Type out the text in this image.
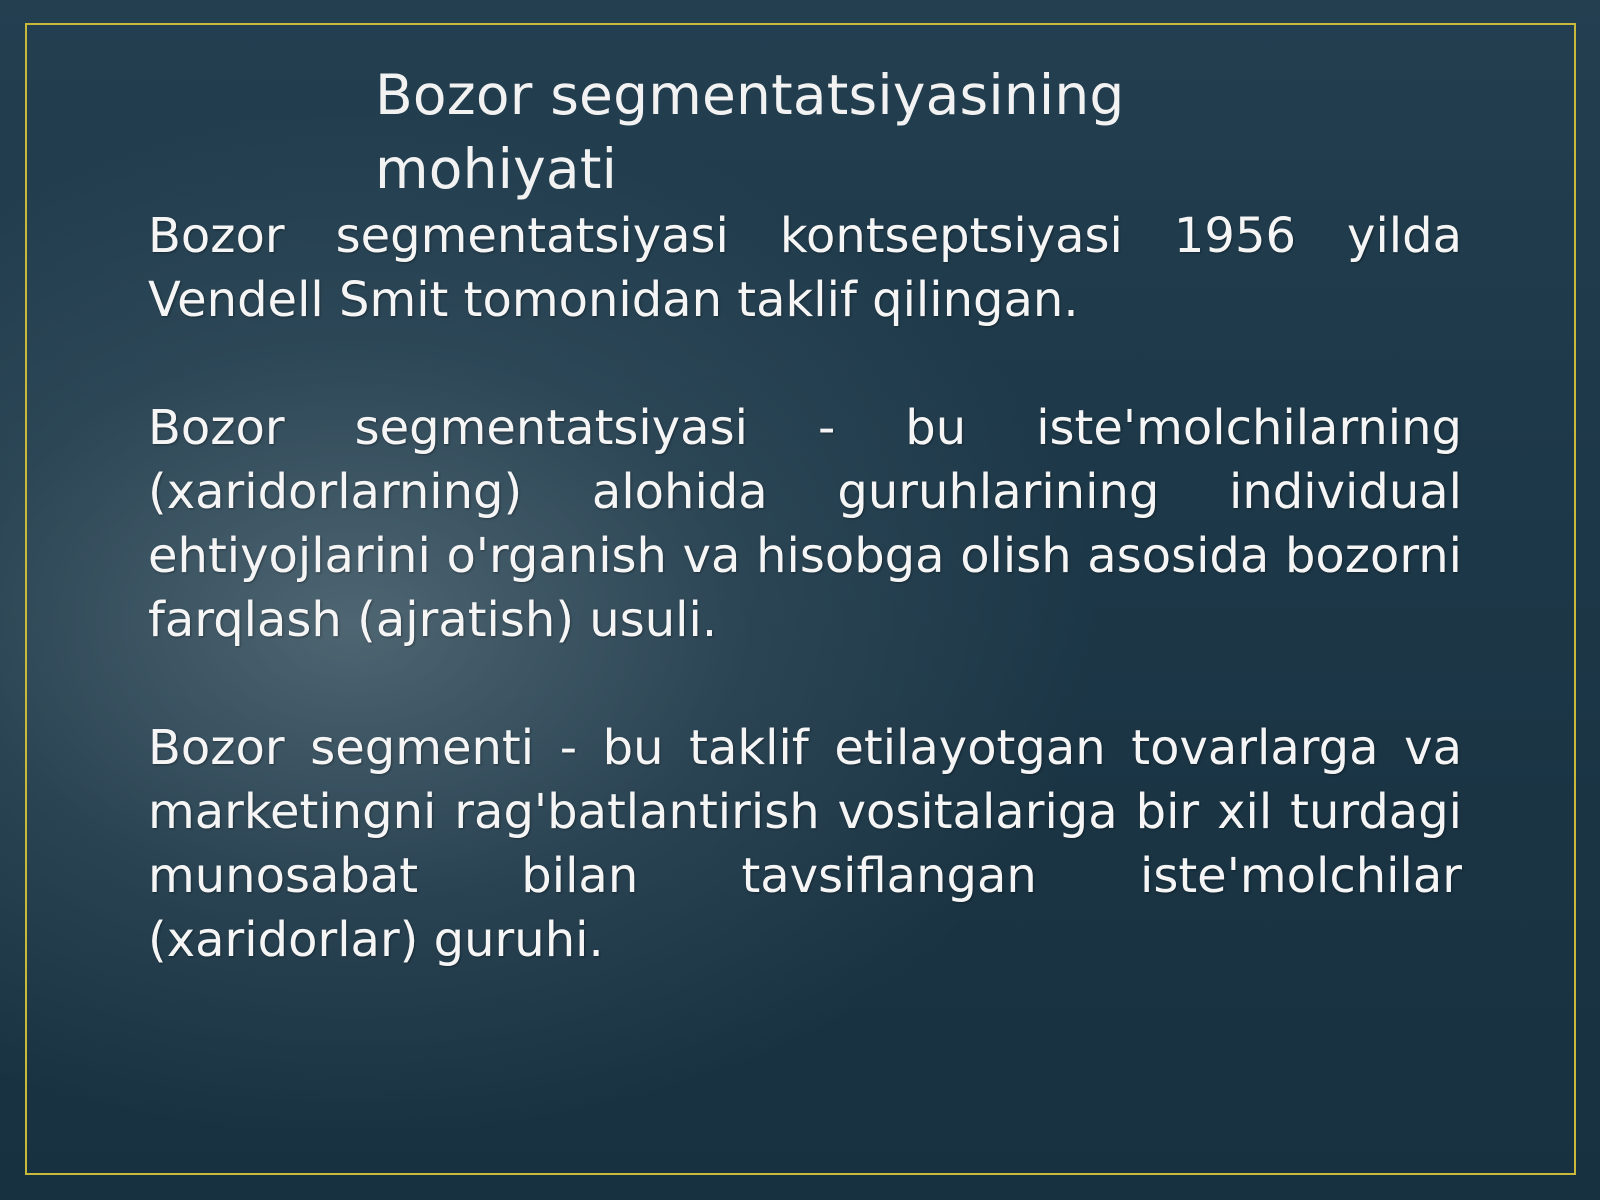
Bozor segmentatsiyasining mohiyati

Bozor segmentatsiyasi kontseptsiyasi 1956 yilda Vendell Smit tomonidan taklif qilingan.

Bozor segmentatsiyasi - bu iste'molchilarning (xaridorlarning) alohida guruhlarining individual ehtiyojlarini o'rganish va hisobga olish asosida bozorni farqlash (ajratish) usuli.

Bozor segmenti - bu taklif etilayotgan tovarlarga va marketingni rag'batlantirish vositalariga bir xil turdagi munosabat bilan tavsiflangan iste'molchilar (xaridorlar) guruhi.
